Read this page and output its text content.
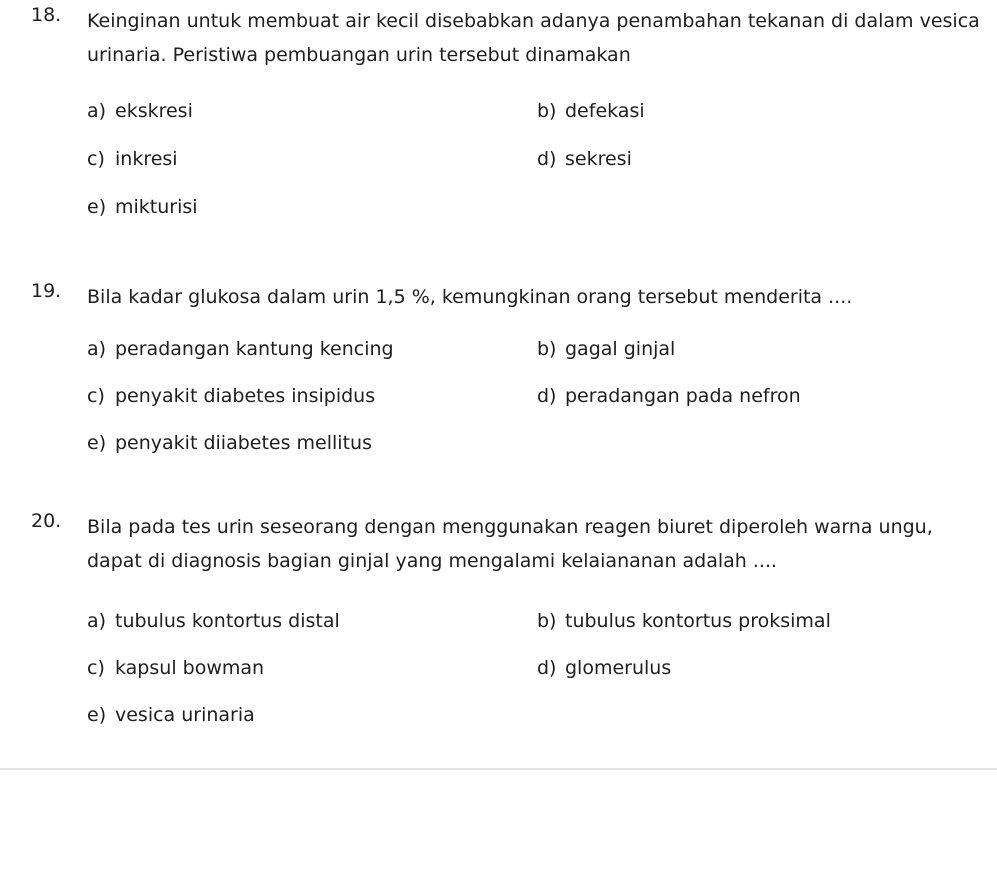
18. Keinginan untuk membuat air kecil disebabkan adanya penambahan tekanan di dalam vesica urinaria. Peristiwa pembuangan urin tersebut dinamakan
a) ekskresi	b) defekasi
c) inkresi	d) sekresi
e) mikturisi
19. Bila kadar glukosa dalam urin 1,5 %, kemungkinan orang tersebut menderita ....
a) peradangan kantung kencing	b) gagal ginjal
c) penyakit diabetes insipidus	d) peradangan pada nefron
e) penyakit diiabetes mellitus
20. Bila pada tes urin seseorang dengan menggunakan reagen biuret diperoleh warna ungu, dapat di diagnosis bagian ginjal yang mengalami kelaiananan adalah ....
a) tubulus kontortus distal	b) tubulus kontortus proksimal
c) kapsul bowman	d) glomerulus
e) vesica urinaria
